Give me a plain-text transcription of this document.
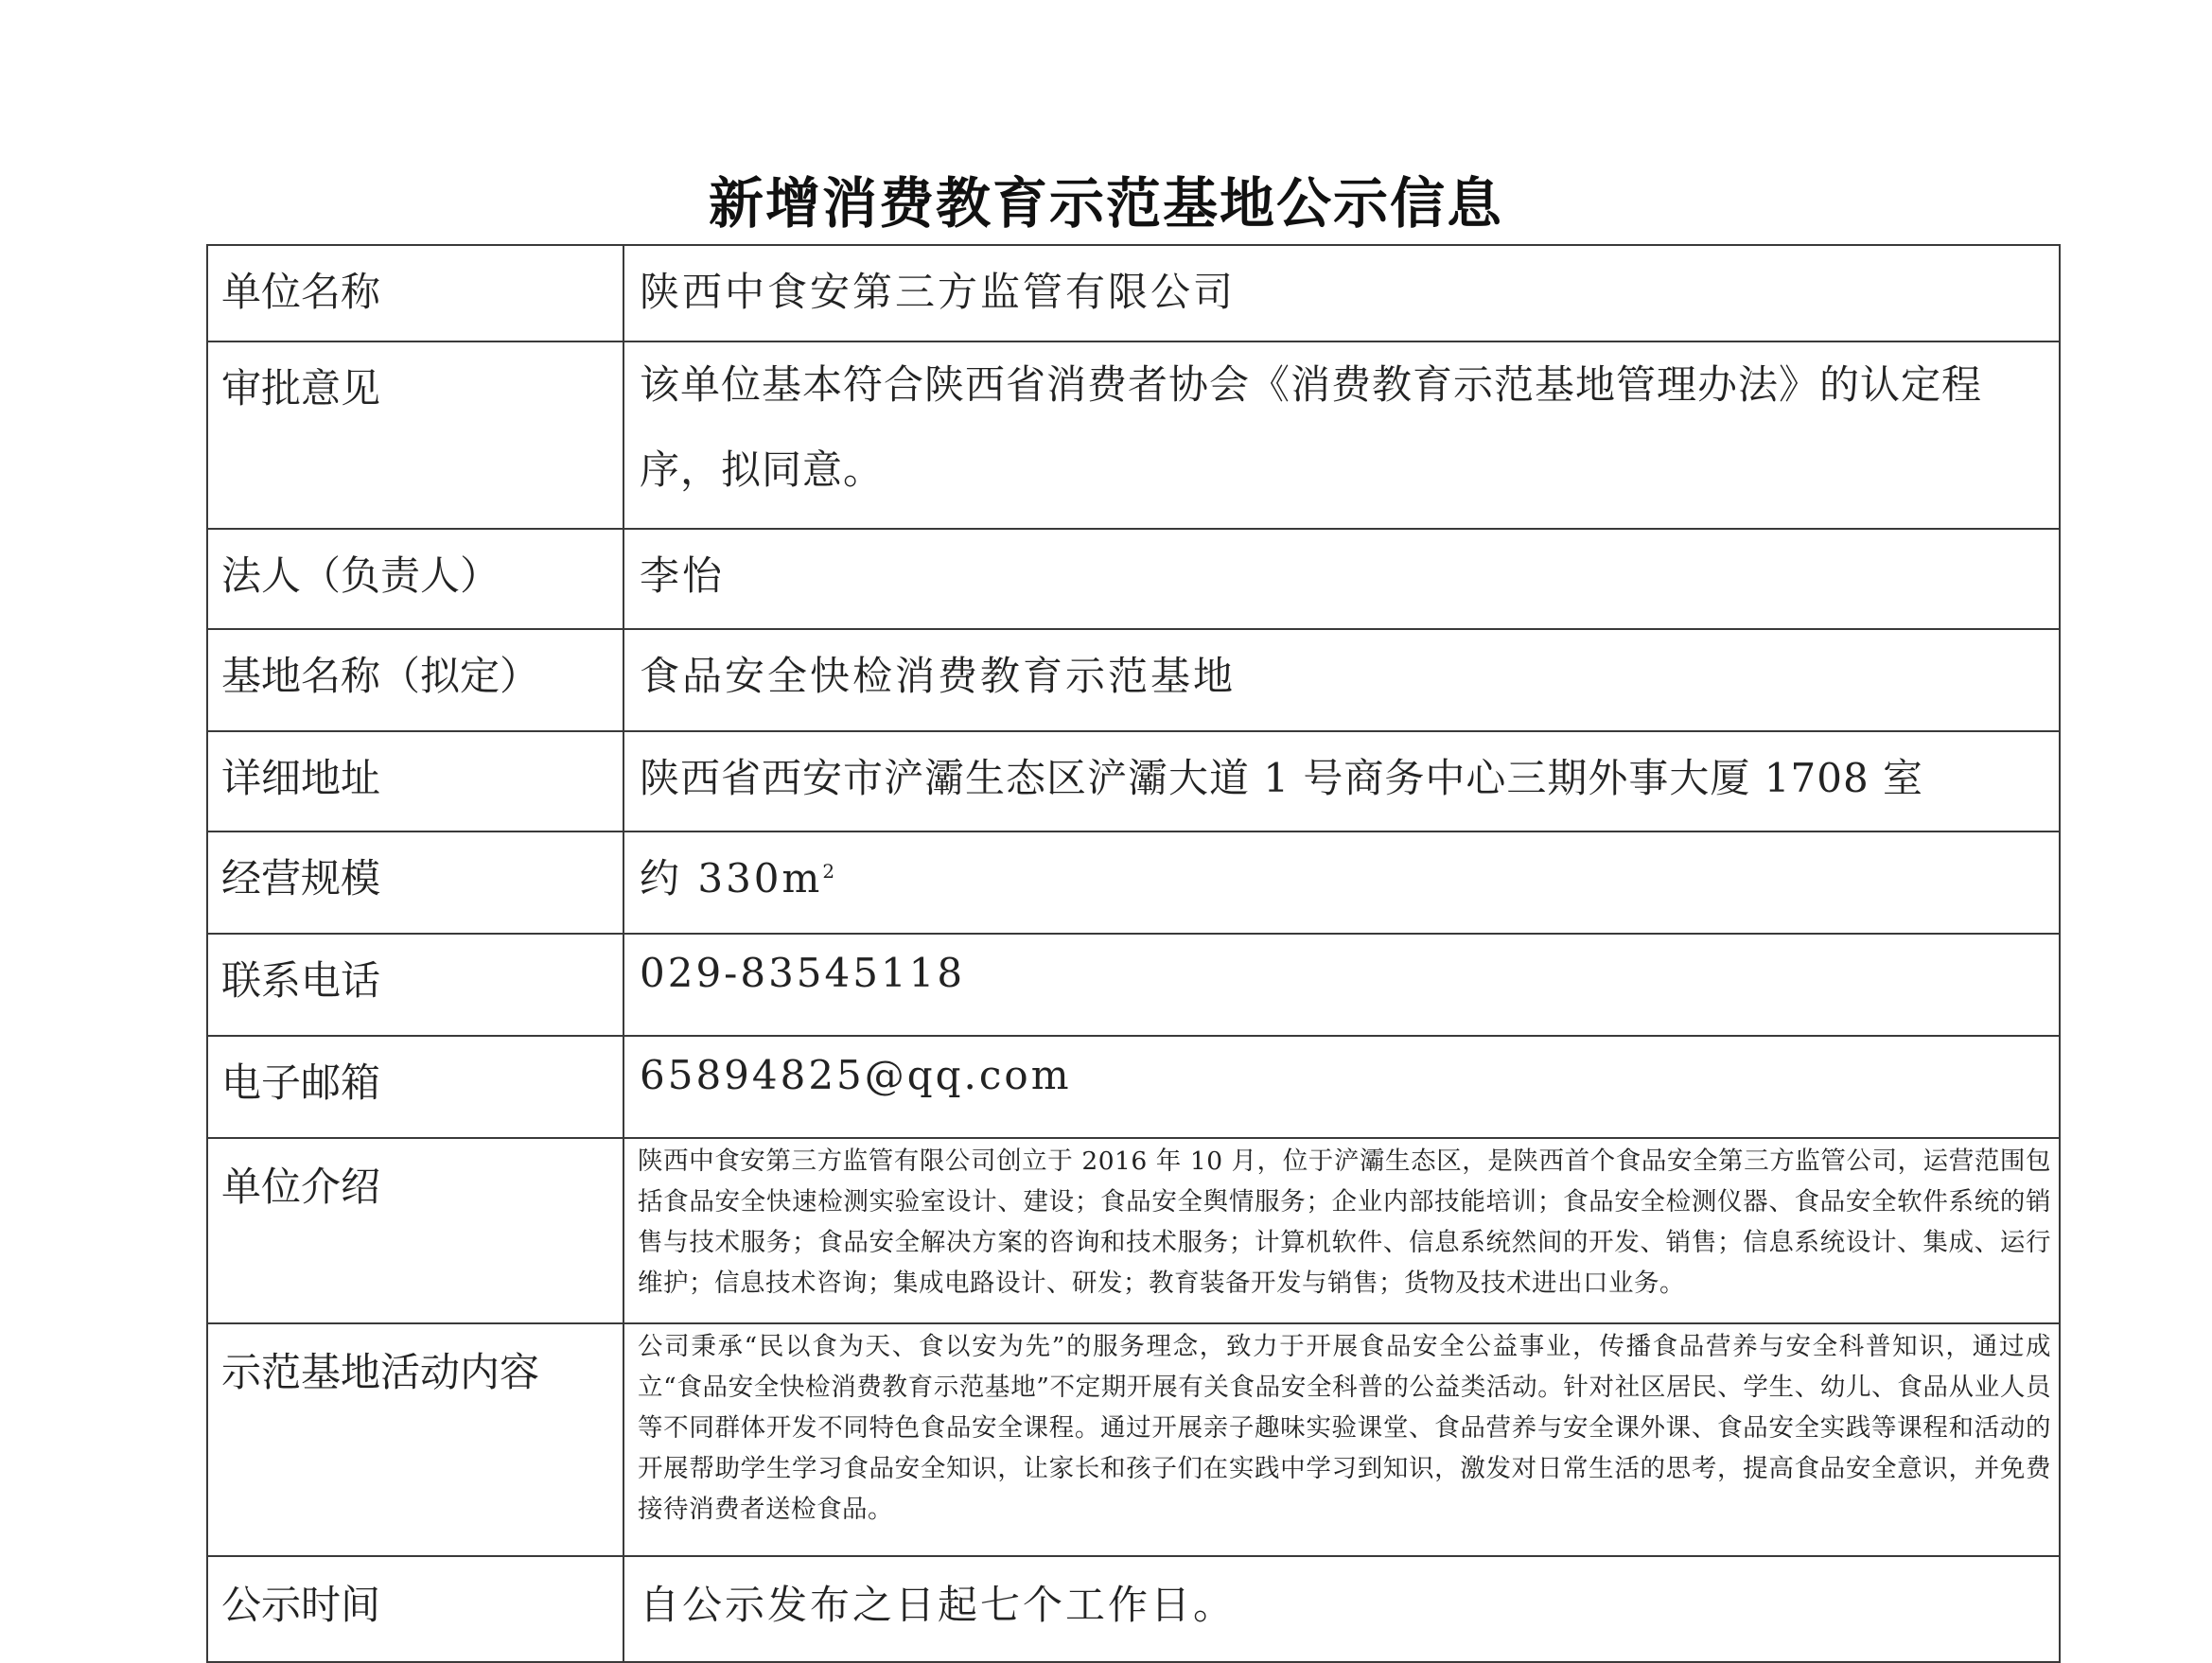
新增消费教育示范基地公示信息
单位名称	陕西中食安第三方监管有限公司
审批意见	该单位基本符合陕西省消费者协会《消费教育示范基地管理办法》的认定程序，拟同意。
法人（负责人）	李怡
基地名称（拟定）	食品安全快检消费教育示范基地
详细地址	陕西省西安市浐灞生态区浐灞大道 1 号商务中心三期外事大厦 1708 室
经营规模	约 $330m^2$
联系电话	029-83545118
电子邮箱	65894825@qq.com
单位介绍	陕西中食安第三方监管有限公司创立于 2016 年 10 月，位于浐灞生态区，是陕西首个食品安全第三方监管公司，运营范围包括食品安全快速检测实验室设计、建设；食品安全舆情服务；企业内部技能培训；食品安全检测仪器、食品安全软件系统的销售与技术服务；食品安全解决方案的咨询和技术服务；计算机软件、信息系统然间的开发、销售；信息系统设计、集成、运行维护；信息技术咨询；集成电路设计、研发；教育装备开发与销售；货物及技术进出口业务。
示范基地活动内容	公司秉承“民以食为天、食以安为先”的服务理念，致力于开展食品安全公益事业，传播食品营养与安全科普知识，通过成立“食品安全快检消费教育示范基地”不定期开展有关食品安全科普的公益类活动。针对社区居民、学生、幼儿、食品从业人员等不同群体开发不同特色食品安全课程。通过开展亲子趣味实验课堂、食品营养与安全课外课、食品安全实践等课程和活动的开展帮助学生学习食品安全知识，让家长和孩子们在实践中学习到知识，激发对日常生活的思考，提高食品安全意识，并免费接待消费者送检食品。
公示时间	自公示发布之日起七个工作日。
